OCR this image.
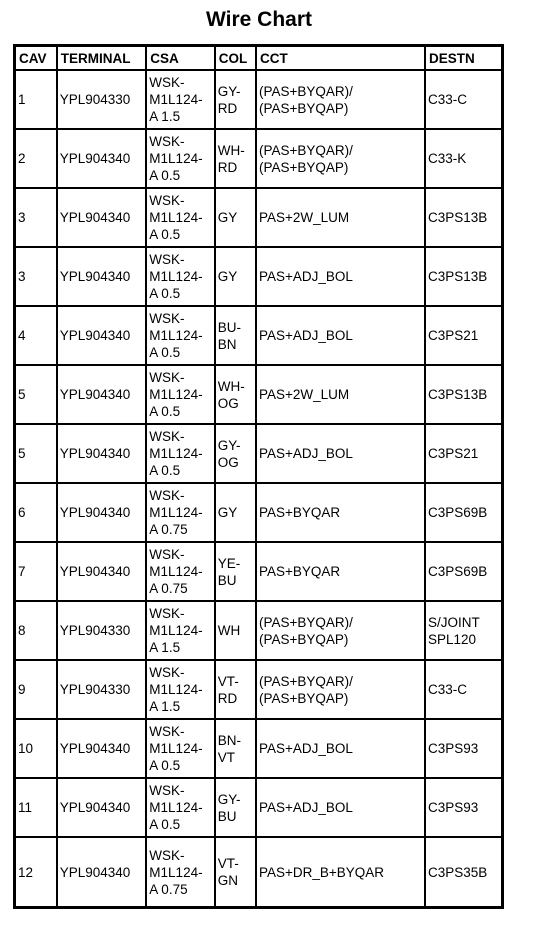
Wire Chart
CAV	TERMINAL	CSA	COL	CCT	DESTN
1	YPL904330	WSK-
M1L124-
A 1.5	GY-
RD	(PAS+BYQAR)/
(PAS+BYQAP)	C33-C
2	YPL904340	WSK-
M1L124-
A 0.5	WH-
RD	(PAS+BYQAR)/
(PAS+BYQAP)	C33-K
3	YPL904340	WSK-
M1L124-
A 0.5	GY	PAS+2W_LUM	C3PS13B
3	YPL904340	WSK-
M1L124-
A 0.5	GY	PAS+ADJ_BOL	C3PS13B
4	YPL904340	WSK-
M1L124-
A 0.5	BU-
BN	PAS+ADJ_BOL	C3PS21
5	YPL904340	WSK-
M1L124-
A 0.5	WH-
OG	PAS+2W_LUM	C3PS13B
5	YPL904340	WSK-
M1L124-
A 0.5	GY-
OG	PAS+ADJ_BOL	C3PS21
6	YPL904340	WSK-
M1L124-
A 0.75	GY	PAS+BYQAR	C3PS69B
7	YPL904340	WSK-
M1L124-
A 0.75	YE-
BU	PAS+BYQAR	C3PS69B
8	YPL904330	WSK-
M1L124-
A 1.5	WH	(PAS+BYQAR)/
(PAS+BYQAP)	S/JOINT
SPL120
9	YPL904330	WSK-
M1L124-
A 1.5	VT-
RD	(PAS+BYQAR)/
(PAS+BYQAP)	C33-C
10	YPL904340	WSK-
M1L124-
A 0.5	BN-
VT	PAS+ADJ_BOL	C3PS93
11	YPL904340	WSK-
M1L124-
A 0.5	GY-
BU	PAS+ADJ_BOL	C3PS93
12	YPL904340	WSK-
M1L124-
A 0.75	VT-
GN	PAS+DR_B+BYQAR	C3PS35B
